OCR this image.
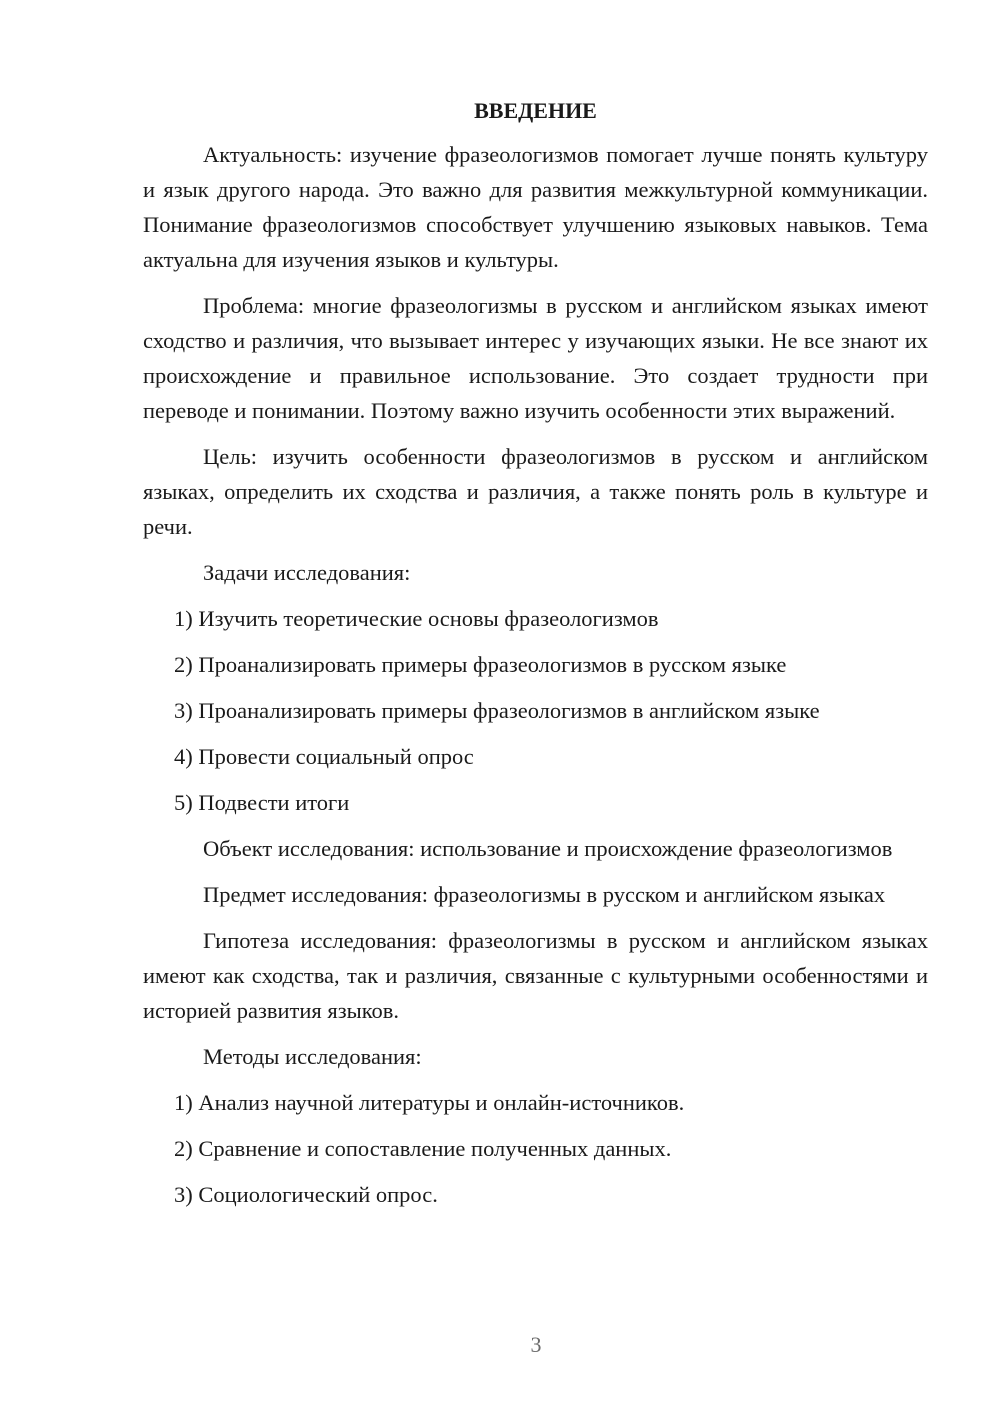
ВВЕДЕНИЕ

Актуальность: изучение фразеологизмов помогает лучше понять культуру и язык другого народа. Это важно для развития межкультурной коммуникации. Понимание фразеологизмов способствует улучшению языковых навыков. Тема актуальна для изучения языков и культуры.

Проблема: многие фразеологизмы в русском и английском языках имеют сходство и различия, что вызывает интерес у изучающих языки. Не все знают их происхождение и правильное использование. Это создает трудности при переводе и понимании. Поэтому важно изучить особенности этих выражений.

Цель: изучить особенности фразеологизмов в русском и английском языках, определить их сходства и различия, а также понять роль в культуре и речи.

Задачи исследования:

1) Изучить теоретические основы фразеологизмов
2) Проанализировать примеры фразеологизмов в русском языке
3) Проанализировать примеры фразеологизмов в английском языке
4) Провести социальный опрос
5) Подвести итоги

Объект исследования: использование и происхождение фразеологизмов

Предмет исследования: фразеологизмы в русском и английском языках

Гипотеза исследования: фразеологизмы в русском и английском языках имеют как сходства, так и различия, связанные с культурными особенностями и историей развития языков.

Методы исследования:

1) Анализ научной литературы и онлайн-источников.
2) Сравнение и сопоставление полученных данных.
3) Социологический опрос.
3
